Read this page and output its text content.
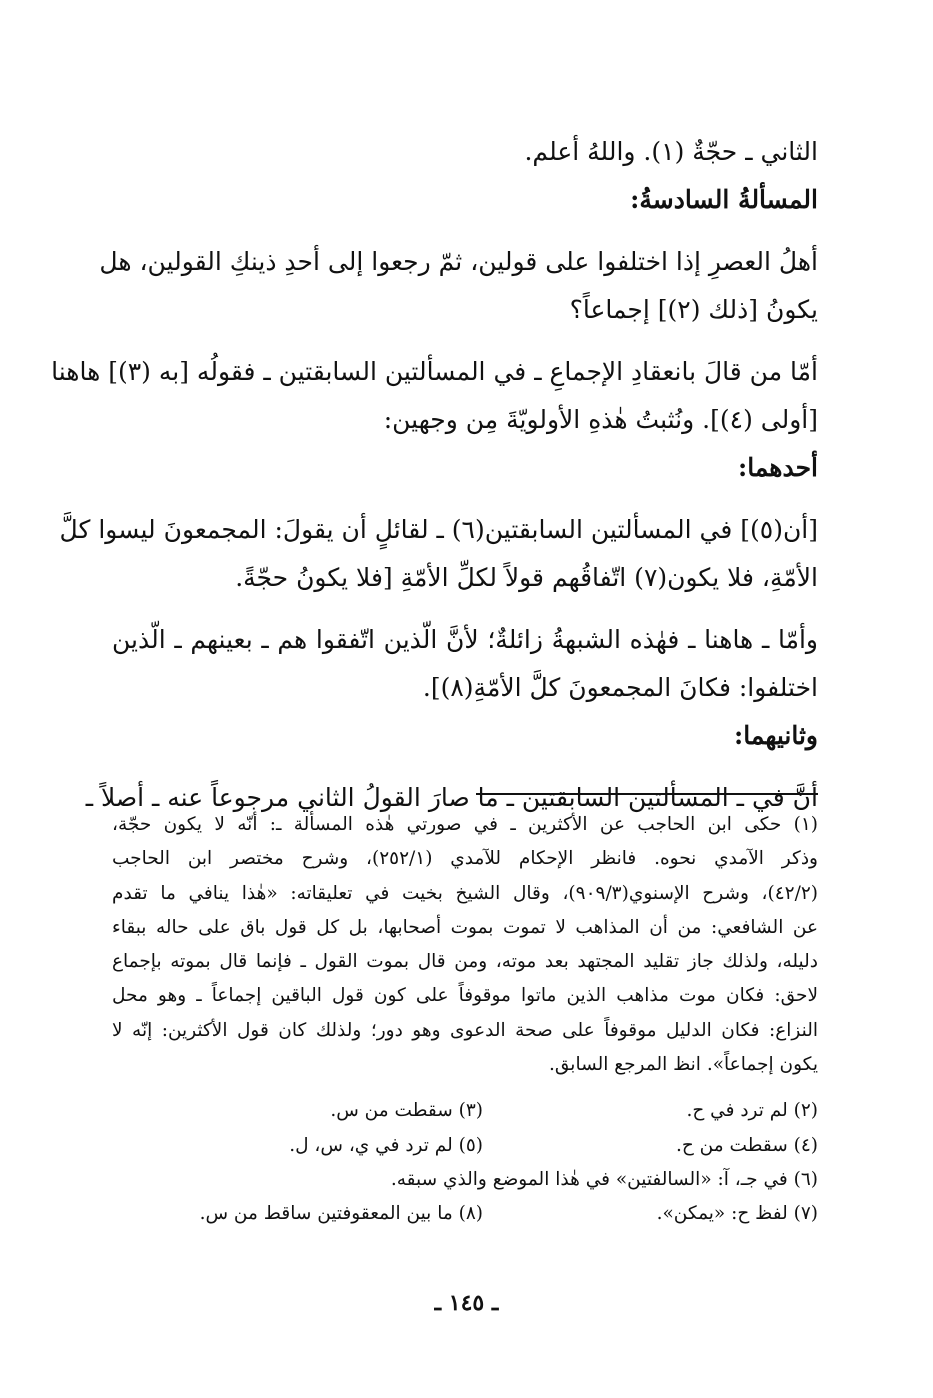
الثاني ـ حجّةٌ (١). واللهُ أعلم.
المسألةُ السادسةُ:
أهلُ العصرِ إذا اختلفوا على قولين، ثمّ رجعوا إلى أحدِ ذينكِ القولين، هل
يكونُ [ذلك (٢)] إجماعاً؟
أمّا من قالَ بانعقادِ الإجماعِ ـ في المسألتين السابقتين ـ فقولُه [به (٣)] هاهنا
[أولى (٤)]. ونُثبتُ هٰذهِ الأولويّةَ مِن وجهين:
أحدهما:
[أن(٥)] في المسألتين السابقتين(٦) ـ لقائلٍ أن يقولَ: المجمعونَ ليسوا كلَّ
الأمّةِ، فلا يكون(٧) اتّفاقُهم قولاً لكلِّ الأمّةِ [فلا يكونُ حجّةً.
وأمّا ـ هاهنا ـ فهٰذه الشبهةُ زائلةٌ؛ لأنَّ الّذين اتّفقوا هم ـ بعينهم ـ الّذين
اختلفوا: فكانَ المجمعونَ كلَّ الأمّةِ(٨)].
وثانيهما:
أنَّ في ـ المسألتين السابقتين ـ ما صارَ القولُ الثاني مرجوعاً عنه ـ أصلاً ـ
(١) حكى ابن الحاجب عن الأكثرين ـ في صورتي هٰذه المسألة ـ: أنّه لا يكون حجّة،
وذكر الآمدي نحوه. فانظر الإحكام للآمدي (٢٥٢/١)، وشرح مختصر ابن الحاجب
(٤٢/٢)، وشرح الإسنوي(٩٠٩/٣)، وقال الشيخ بخيت في تعليقاته: «هٰذا ينافي ما تقدم
عن الشافعي: من أن المذاهب لا تموت بموت أصحابها، بل كل قول باق على حاله ببقاء
دليله، ولذلك جاز تقليد المجتهد بعد موته، ومن قال بموت القول ـ فإنما قال بموته بإجماع
لاحق: فكان موت مذاهب الذين ماتوا موقوفاً على كون قول الباقين إجماعاً ـ وهو محل
النزاع: فكان الدليل موقوفاً على صحة الدعوى وهو دور؛ ولذلك كان قول الأكثرين: إنّه لا
يكون إجماعاً». انظ المرجع السابق.
(٢) لم ترد في ح.
(٣) سقطت من س.
(٤) سقطت من ح.
(٥) لم ترد في ي، س، ل.
(٦) في جـ، آ: «السالفتين» في هٰذا الموضع والذي سبقه.
(٧) لفظ ح: «يمكن».
(٨) ما بين المعقوفتين ساقط من س.
ـ ١٤٥ ـ
